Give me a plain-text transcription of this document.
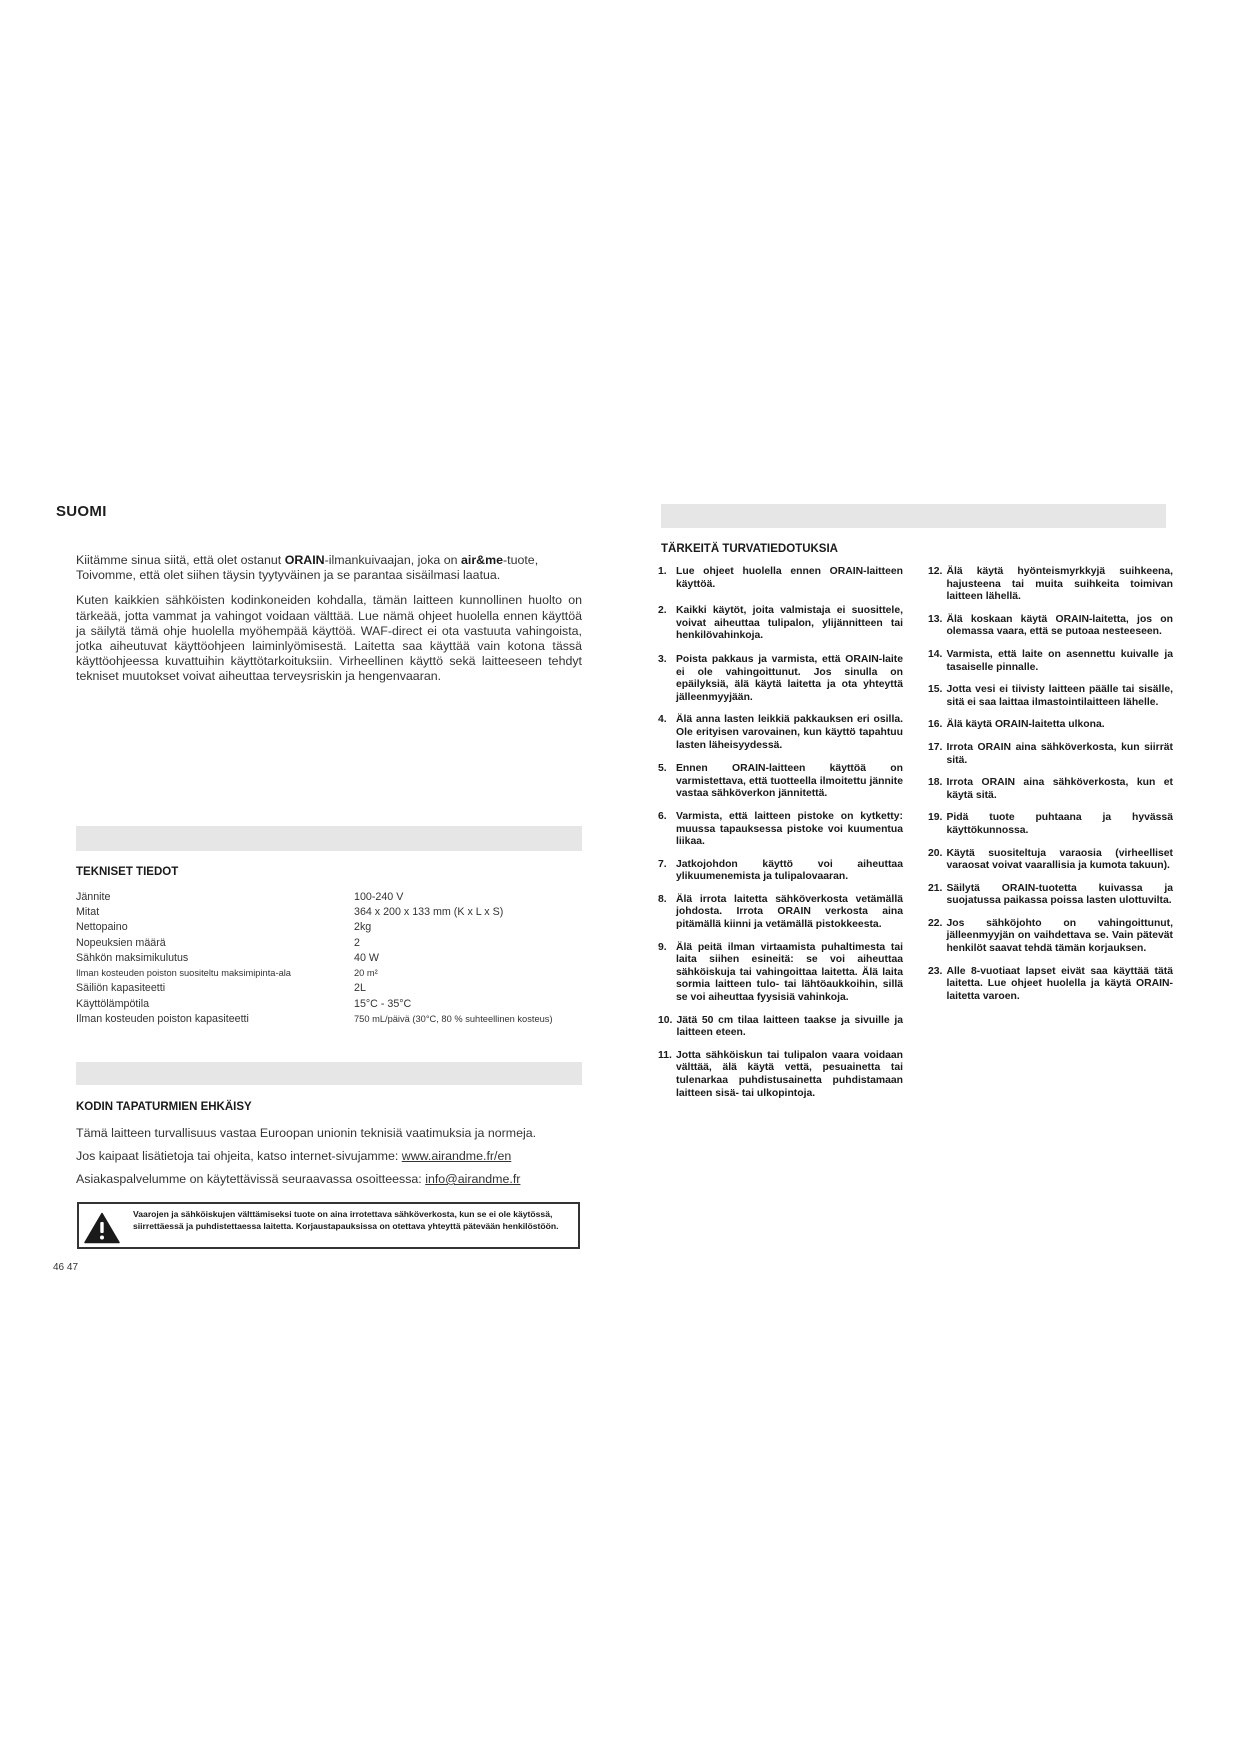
SUOMI

Kiitämme sinua siitä, että olet ostanut ORAIN-ilmankuivaajan, joka on air&me-tuote, Toivomme, että olet siihen täysin tyytyväinen ja se parantaa sisäilmasi laatua.

Kuten kaikkien sähköisten kodinkoneiden kohdalla, tämän laitteen kunnollinen huolto on tärkeää, jotta vammat ja vahingot voidaan välttää. Lue nämä ohjeet huolella ennen käyttöä ja säilytä tämä ohje huolella myöhempää käyttöä. WAF-direct ei ota vastuuta vahingoista, jotka aiheutuvat käyttöohjeen laiminlyömisestä. Laitetta saa käyttää vain kotona tässä käyttöohjeessa kuvattuihin käyttötarkoituksiin. Virheellinen käyttö sekä laitteeseen tehdyt tekniset muutokset voivat aiheuttaa terveysriskin ja hengenvaaran.

TEKNISET TIEDOT
Jännite	100-240 V
Mitat	364 x 200 x 133 mm (K x L x S)
Nettopaino	2kg
Nopeuksien määrä	2
Sähkön maksimikulutus	40 W
Ilman kosteuden poiston suositeltu maksimipinta-ala	20 m²
Säiliön kapasiteetti	2L
Käyttölämpötila	15°C - 35°C
Ilman kosteuden poiston kapasiteetti	750 mL/päivä (30°C, 80 % suhteellinen kosteus)
KODIN TAPATURMIEN EHKÄISY

Tämä laitteen turvallisuus vastaa Euroopan unionin teknisiä vaatimuksia ja normeja.

Jos kaipaat lisätietoja tai ohjeita, katso internet-sivujamme: www.airandme.fr/en

Asiakaspalvelumme on käytettävissä seuraavassa osoitteessa: info@airandme.fr

Vaarojen ja sähköiskujen välttämiseksi tuote on aina irrotettava sähköverkosta, kun se ei ole käytössä, siirrettäessä ja puhdistettaessa laitetta. Korjaustapauksissa on otettava yhteyttä pätevään henkilöstöön.
46 47
TÄRKEITÄ TURVATIEDOTUKSIA
1. Lue ohjeet huolella ennen ORAIN-laitteen käyttöä.
2. Kaikki käytöt, joita valmistaja ei suosittele, voivat aiheuttaa tulipalon, ylijännitteen tai henkilövahinkoja.
3. Poista pakkaus ja varmista, että ORAIN-laite ei ole vahingoittunut. Jos sinulla on epäilyksiä, älä käytä laitetta ja ota yhteyttä jälleenmyyjään.
4. Älä anna lasten leikkiä pakkauksen eri osilla. Ole erityisen varovainen, kun käyttö tapahtuu lasten läheisyydessä.
5. Ennen ORAIN-laitteen käyttöä on varmistettava, että tuotteella ilmoitettu jännite vastaa sähköverkon jännitettä.
6. Varmista, että laitteen pistoke on kytketty: muussa tapauksessa pistoke voi kuumentua liikaa.
7. Jatkojohdon käyttö voi aiheuttaa ylikuumenemista ja tulipalovaaran.
8. Älä irrota laitetta sähköverkosta vetämällä johdosta. Irrota ORAIN verkosta aina pitämällä kiinni ja vetämällä pistokkeesta.
9. Älä peitä ilman virtaamista puhaltimesta tai laita siihen esineitä: se voi aiheuttaa sähköiskuja tai vahingoittaa laitetta. Älä laita sormia laitteen tulo- tai lähtöaukkoihin, sillä se voi aiheuttaa fyysisiä vahinkoja.
10. Jätä 50 cm tilaa laitteen taakse ja sivuille ja laitteen eteen.
11. Jotta sähköiskun tai tulipalon vaara voidaan välttää, älä käytä vettä, pesuainetta tai tulenarkaa puhdistusainetta puhdistamaan laitteen sisä- tai ulkopintoja.
12. Älä käytä hyönteismyrkkyjä suihkeena, hajusteena tai muita suihkeita toimivan laitteen lähellä.
13. Älä koskaan käytä ORAIN-laitetta, jos on olemassa vaara, että se putoaa nesteeseen.
14. Varmista, että laite on asennettu kuivalle ja tasaiselle pinnalle.
15. Jotta vesi ei tiivisty laitteen päälle tai sisälle, sitä ei saa laittaa ilmastointilaitteen lähelle.
16. Älä käytä ORAIN-laitetta ulkona.
17. Irrota ORAIN aina sähköverkosta, kun siirrät sitä.
18. Irrota ORAIN aina sähköverkosta, kun et käytä sitä.
19. Pidä tuote puhtaana ja hyvässä käyttökunnossa.
20. Käytä suositeltuja varaosia (virheelliset varaosat voivat vaarallisia ja kumota takuun).
21. Säilytä ORAIN-tuotetta kuivassa ja suojatussa paikassa poissa lasten ulottuvilta.
22. Jos sähköjohto on vahingoittunut, jälleenmyyjän on vaihdettava se. Vain pätevät henkilöt saavat tehdä tämän korjauksen.
23. Alle 8-vuotiaat lapset eivät saa käyttää tätä laitetta. Lue ohjeet huolella ja käytä ORAIN-laitetta varoen.
